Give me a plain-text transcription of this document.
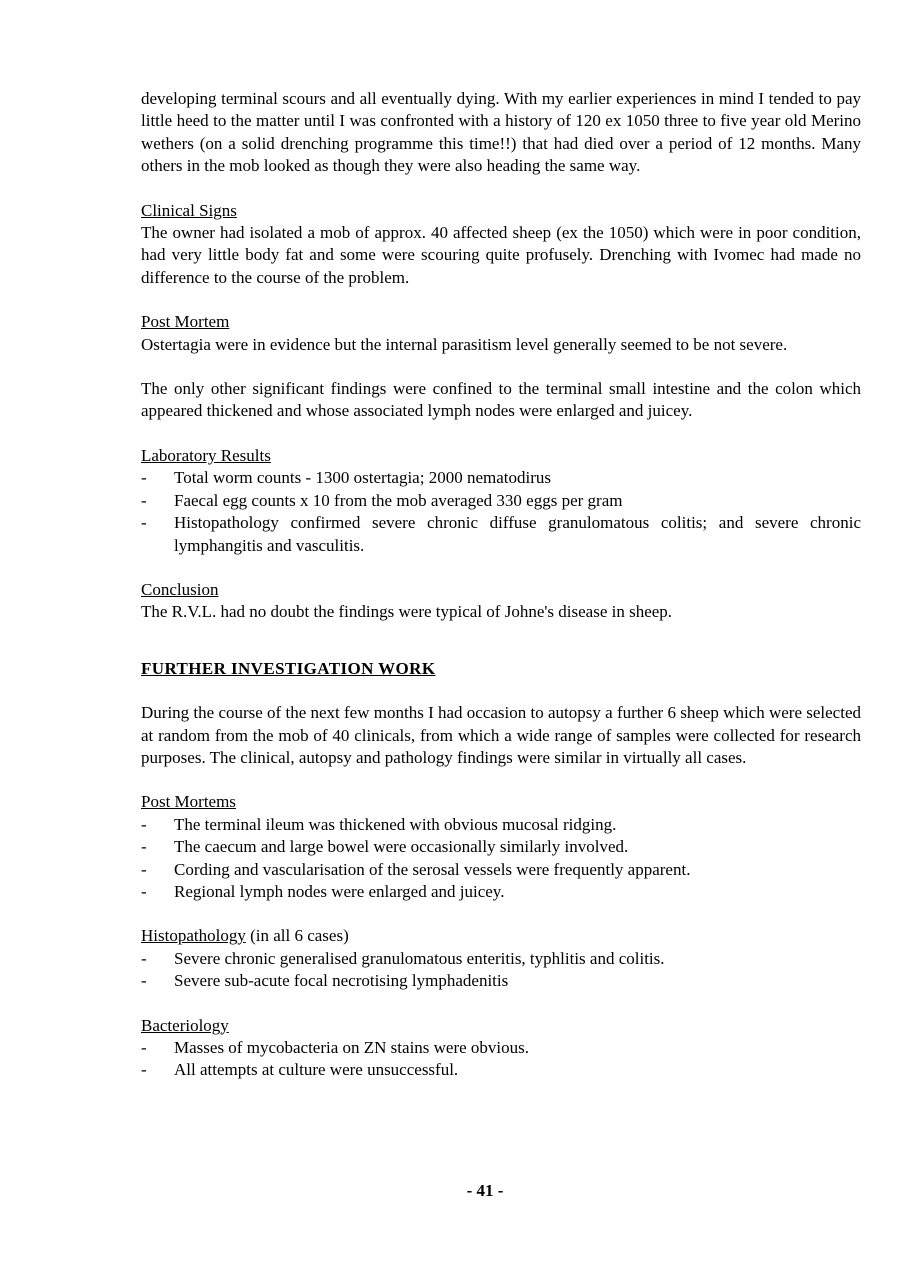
developing terminal scours and all eventually dying. With my earlier experiences in mind I tended to pay little heed to the matter until I was confronted with a history of 120 ex 1050 three to five year old Merino wethers (on a solid drenching programme this time!!) that had died over a period of 12 months. Many others in the mob looked as though they were also heading the same way.

Clinical Signs

The owner had isolated a mob of approx. 40 affected sheep (ex the 1050) which were in poor condition, had very little body fat and some were scouring quite profusely. Drenching with Ivomec had made no difference to the course of the problem.

Post Mortem

Ostertagia were in evidence but the internal parasitism level generally seemed to be not severe.

The only other significant findings were confined to the terminal small intestine and the colon which appeared thickened and whose associated lymph nodes were enlarged and juicey.

Laboratory Results

- Total worm counts - 1300 ostertagia; 2000 nematodirus
- Faecal egg counts x 10 from the mob averaged 330 eggs per gram
- Histopathology confirmed severe chronic diffuse granulomatous colitis; and severe chronic lymphangitis and vasculitis.

Conclusion

The R.V.L. had no doubt the findings were typical of Johne's disease in sheep.

FURTHER INVESTIGATION WORK

During the course of the next few months I had occasion to autopsy a further 6 sheep which were selected at random from the mob of 40 clinicals, from which a wide range of samples were collected for research purposes. The clinical, autopsy and pathology findings were similar in virtually all cases.

Post Mortems

- The terminal ileum was thickened with obvious mucosal ridging.
- The caecum and large bowel were occasionally similarly involved.
- Cording and vascularisation of the serosal vessels were frequently apparent.
- Regional lymph nodes were enlarged and juicey.

Histopathology (in all 6 cases)

- Severe chronic generalised granulomatous enteritis, typhlitis and colitis.
- Severe sub-acute focal necrotising lymphadenitis

Bacteriology

- Masses of mycobacteria on ZN stains were obvious.
- All attempts at culture were unsuccessful.
- 41 -
